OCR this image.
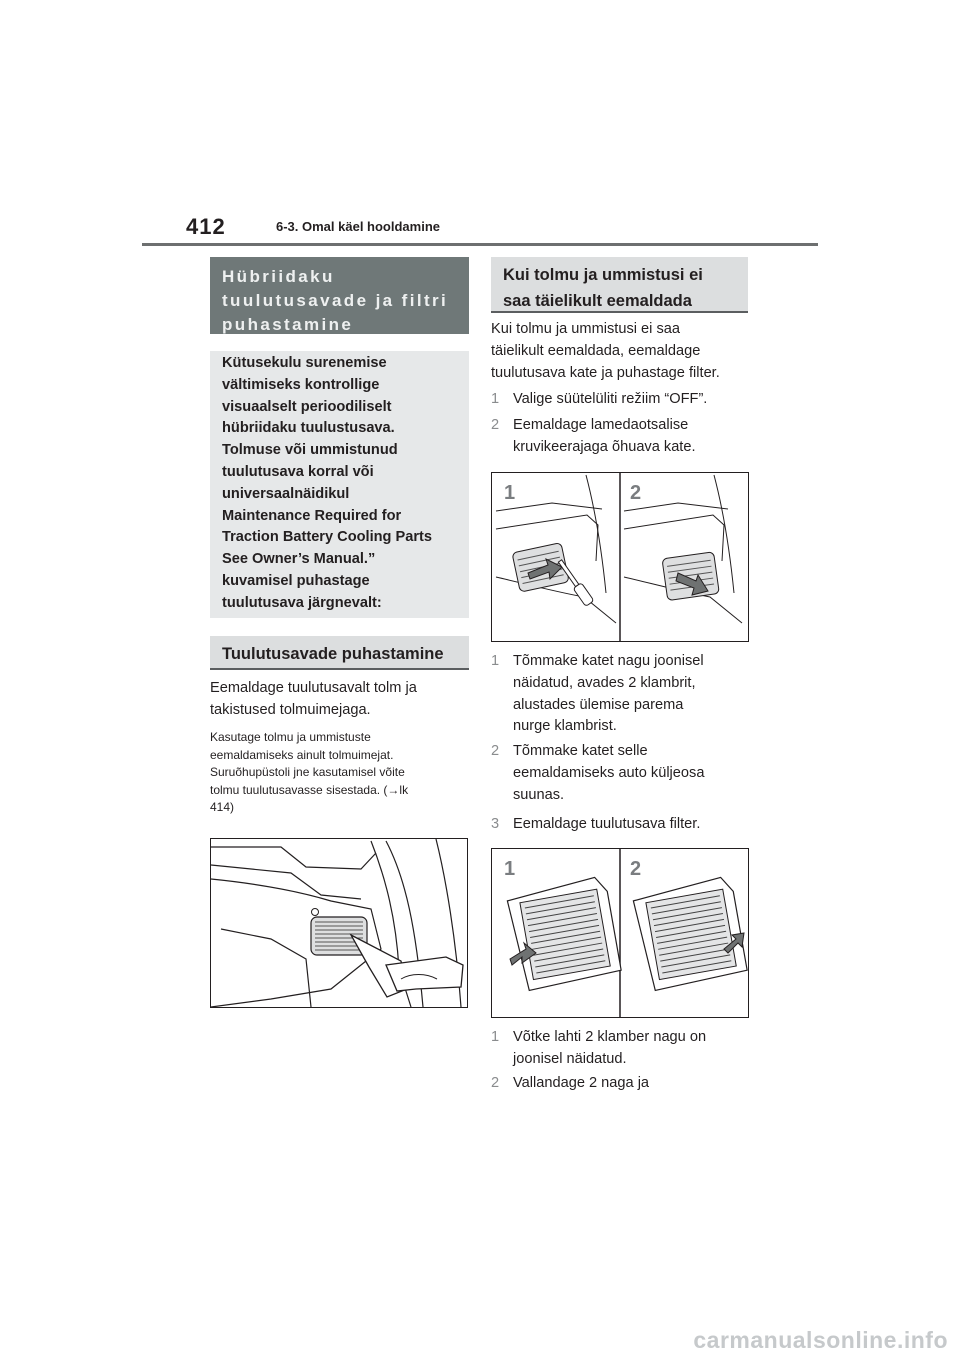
412	6-3. Omal käel hooldamine
Hübriidaku
tuulutusavade ja filtri
puhastamine
Kütusekulu surenemise
vältimiseks kontrollige
visuaalselt perioodiliselt
hübriidaku tuulustusava.
Tolmuse või ummistunud
tuulutusava korral või
universaalnäidikul
Maintenance Required for
Traction Battery Cooling Parts
See Owner’s Manual.”
kuvamisel puhastage
tuulutusava järgnevalt:
Tuulutusavade puhastamine
Eemaldage tuulutusavalt tolm ja
takistused tolmuimejaga.
Kasutage tolmu ja ummistuste
eemaldamiseks ainult tolmuimejat.
Suruõhupüstoli jne kasutamisel võite
tolmu tuulutusavasse sisestada. (→lk
414)
Kui tolmu ja ummistusi ei
saa täielikult eemaldada
Kui tolmu ja ummistusi ei saa
täielikult eemaldada, eemaldage
tuulutusava kate ja puhastage filter.
1 Valige süütelüliti režiim “OFF”.
2 Eemaldage lamedaotsalise
kruvikeerajaga õhuava kate.
1	2
1 Tõmmake katet nagu joonisel
näidatud, avades 2 klambrit,
alustades ülemise parema
nurge klambrist.
2 Tõmmake katet selle
eemaldamiseks auto küljeosa
suunas.
3 Eemaldage tuulutusava filter.
1	2
1 Võtke lahti 2 klamber nagu on
joonisel näidatud.
2 Vallandage 2 naga ja
carmanualsonline.info
